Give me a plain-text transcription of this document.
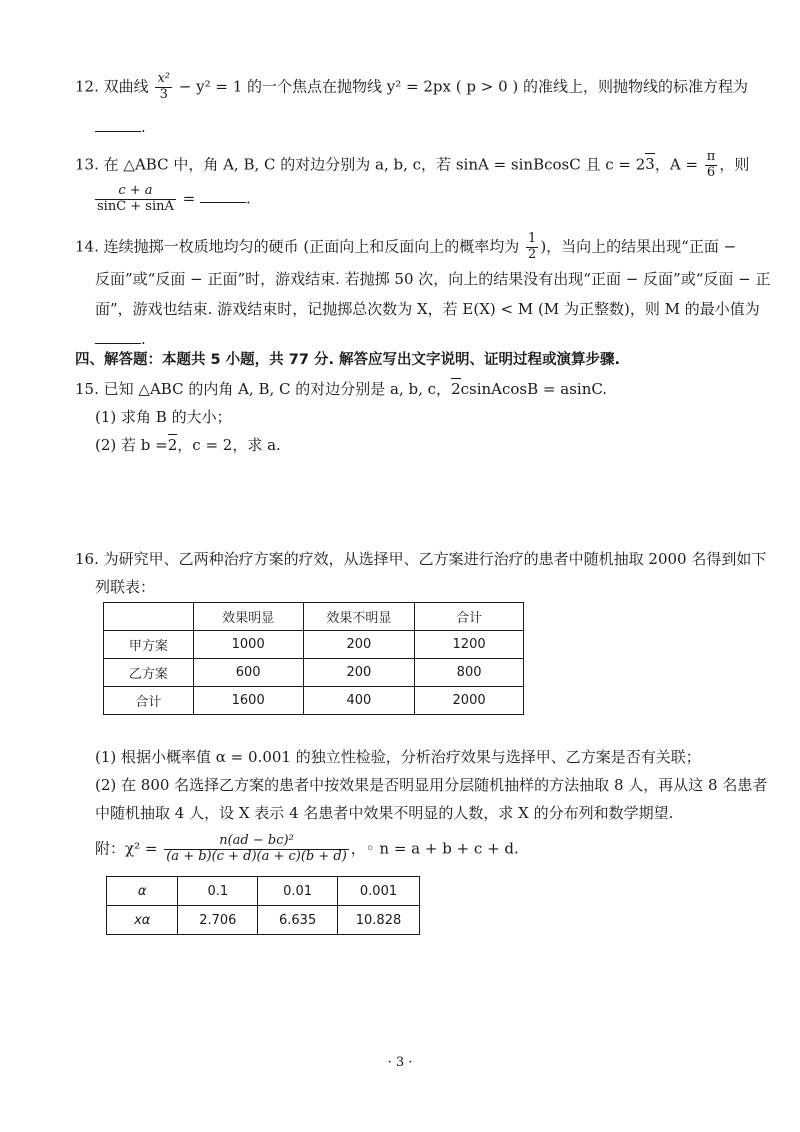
12. 双曲线 $\frac{\text{x²}}{3} - y^2 = 1$ 的一个焦点在抛物线 y² = 2px ( p > 0 ) 的准线上，则抛物线的标准方程为
.
13. 在 △ABC 中，角 A, B, C 的对边分别为 a, b, c，若 sinA = sinBcosC 且 c = 23，$A = \frac{\pi}{6}$ ，则
$\frac{c + a}{\sin C + \sin A}$ =	.
14. 连续抛掷一枚质地均匀的硬币 (正面向上和反面向上的概率均为 $\frac{1}{2}$ )，当向上的结果出现“正面 −
反面”或“反面 − 正面”时，游戏结束. 若抛掷 50 次，向上的结果没有出现“正面 − 反面”或“反面 − 正
面”，游戏也结束. 游戏结束时，记抛掷总次数为 X，若 E(X) < M (M 为正整数)，则 M 的最小值为
.
四、解答题：本题共 5 小题，共 77 分. 解答应写出文字说明、证明过程或演算步骤.
15. 已知 △ABC 的内角 A, B, C 的对边分别是 a, b, c，2csinAcosB = asinC.
(1) 求角 B 的大小；
(2) 若 b =2，c = 2，求 a.
16. 为研究甲、乙两种治疗方案的疗效，从选择甲、乙方案进行治疗的患者中随机抽取 2000 名得到如下
列联表：
	效果明显	效果不明显	合计
甲方案	1000	200	1200
乙方案	600	200	800
合计	1600	400	2000
(1) 根据小概率值 α = 0.001 的独立性检验，分析治疗效果与选择甲、乙方案是否有关联；
(2) 在 800 名选择乙方案的患者中按效果是否明显用分层随机抽样的方法抽取 8 人，再从这 8 名患者
中随机抽取 4 人，设 X 表示 4 名患者中效果不明显的人数，求 X 的分布列和数学期望.
附：$\chi^2 = \frac{\text{n(ad − bc)²}}{(a + b)(c + d)(a + c)(b + d)}$ ，◦ n = a + b + c + d.
α	0.1	0.01	0.001
xα	2.706	6.635	10.828
· 3 ·
